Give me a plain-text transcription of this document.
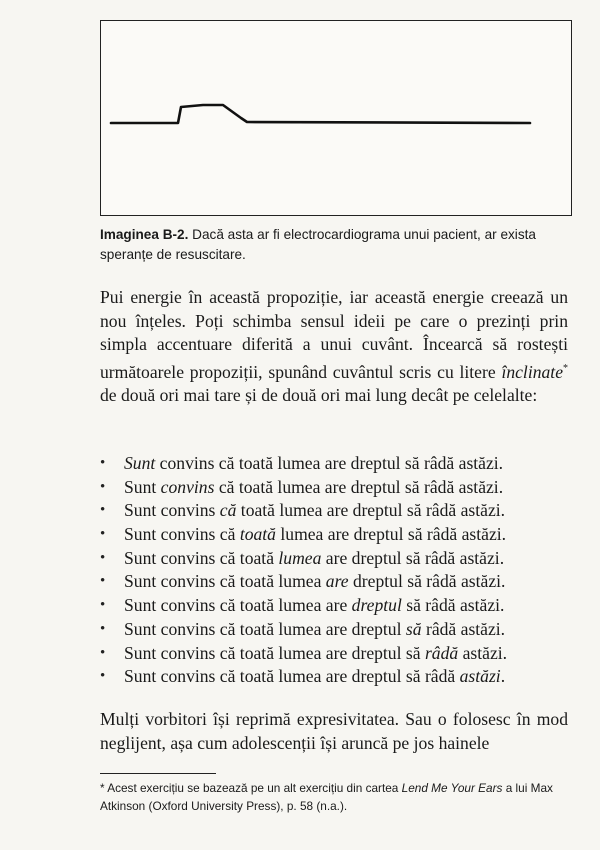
Imaginea B-2. Dacă asta ar fi electrocardiograma unui pacient, ar exista speranțe de resuscitare.

Pui energie în această propoziție, iar această energie creează un nou înțeles. Poți schimba sensul ideii pe care o prezinți prin simpla accentuare diferită a unui cuvânt. Încearcă să rostești următoarele propoziții, spunând cuvântul scris cu litere înclinate* de două ori mai tare și de două ori mai lung decât pe celelalte:

• Sunt convins că toată lumea are dreptul să râdă astăzi.
• Sunt convins că toată lumea are dreptul să râdă astăzi.
• Sunt convins că toată lumea are dreptul să râdă astăzi.
• Sunt convins că toată lumea are dreptul să râdă astăzi.
• Sunt convins că toată lumea are dreptul să râdă astăzi.
• Sunt convins că toată lumea are dreptul să râdă astăzi.
• Sunt convins că toată lumea are dreptul să râdă astăzi.
• Sunt convins că toată lumea are dreptul să râdă astăzi.
• Sunt convins că toată lumea are dreptul să râdă astăzi.
• Sunt convins că toată lumea are dreptul să râdă astăzi.

Mulți vorbitori își reprimă expresivitatea. Sau o folosesc în mod neglijent, așa cum adolescenții își aruncă pe jos hainele

* Acest exercițiu se bazează pe un alt exercițiu din cartea Lend Me Your Ears a lui Max Atkinson (Oxford University Press), p. 58 (n.a.).
